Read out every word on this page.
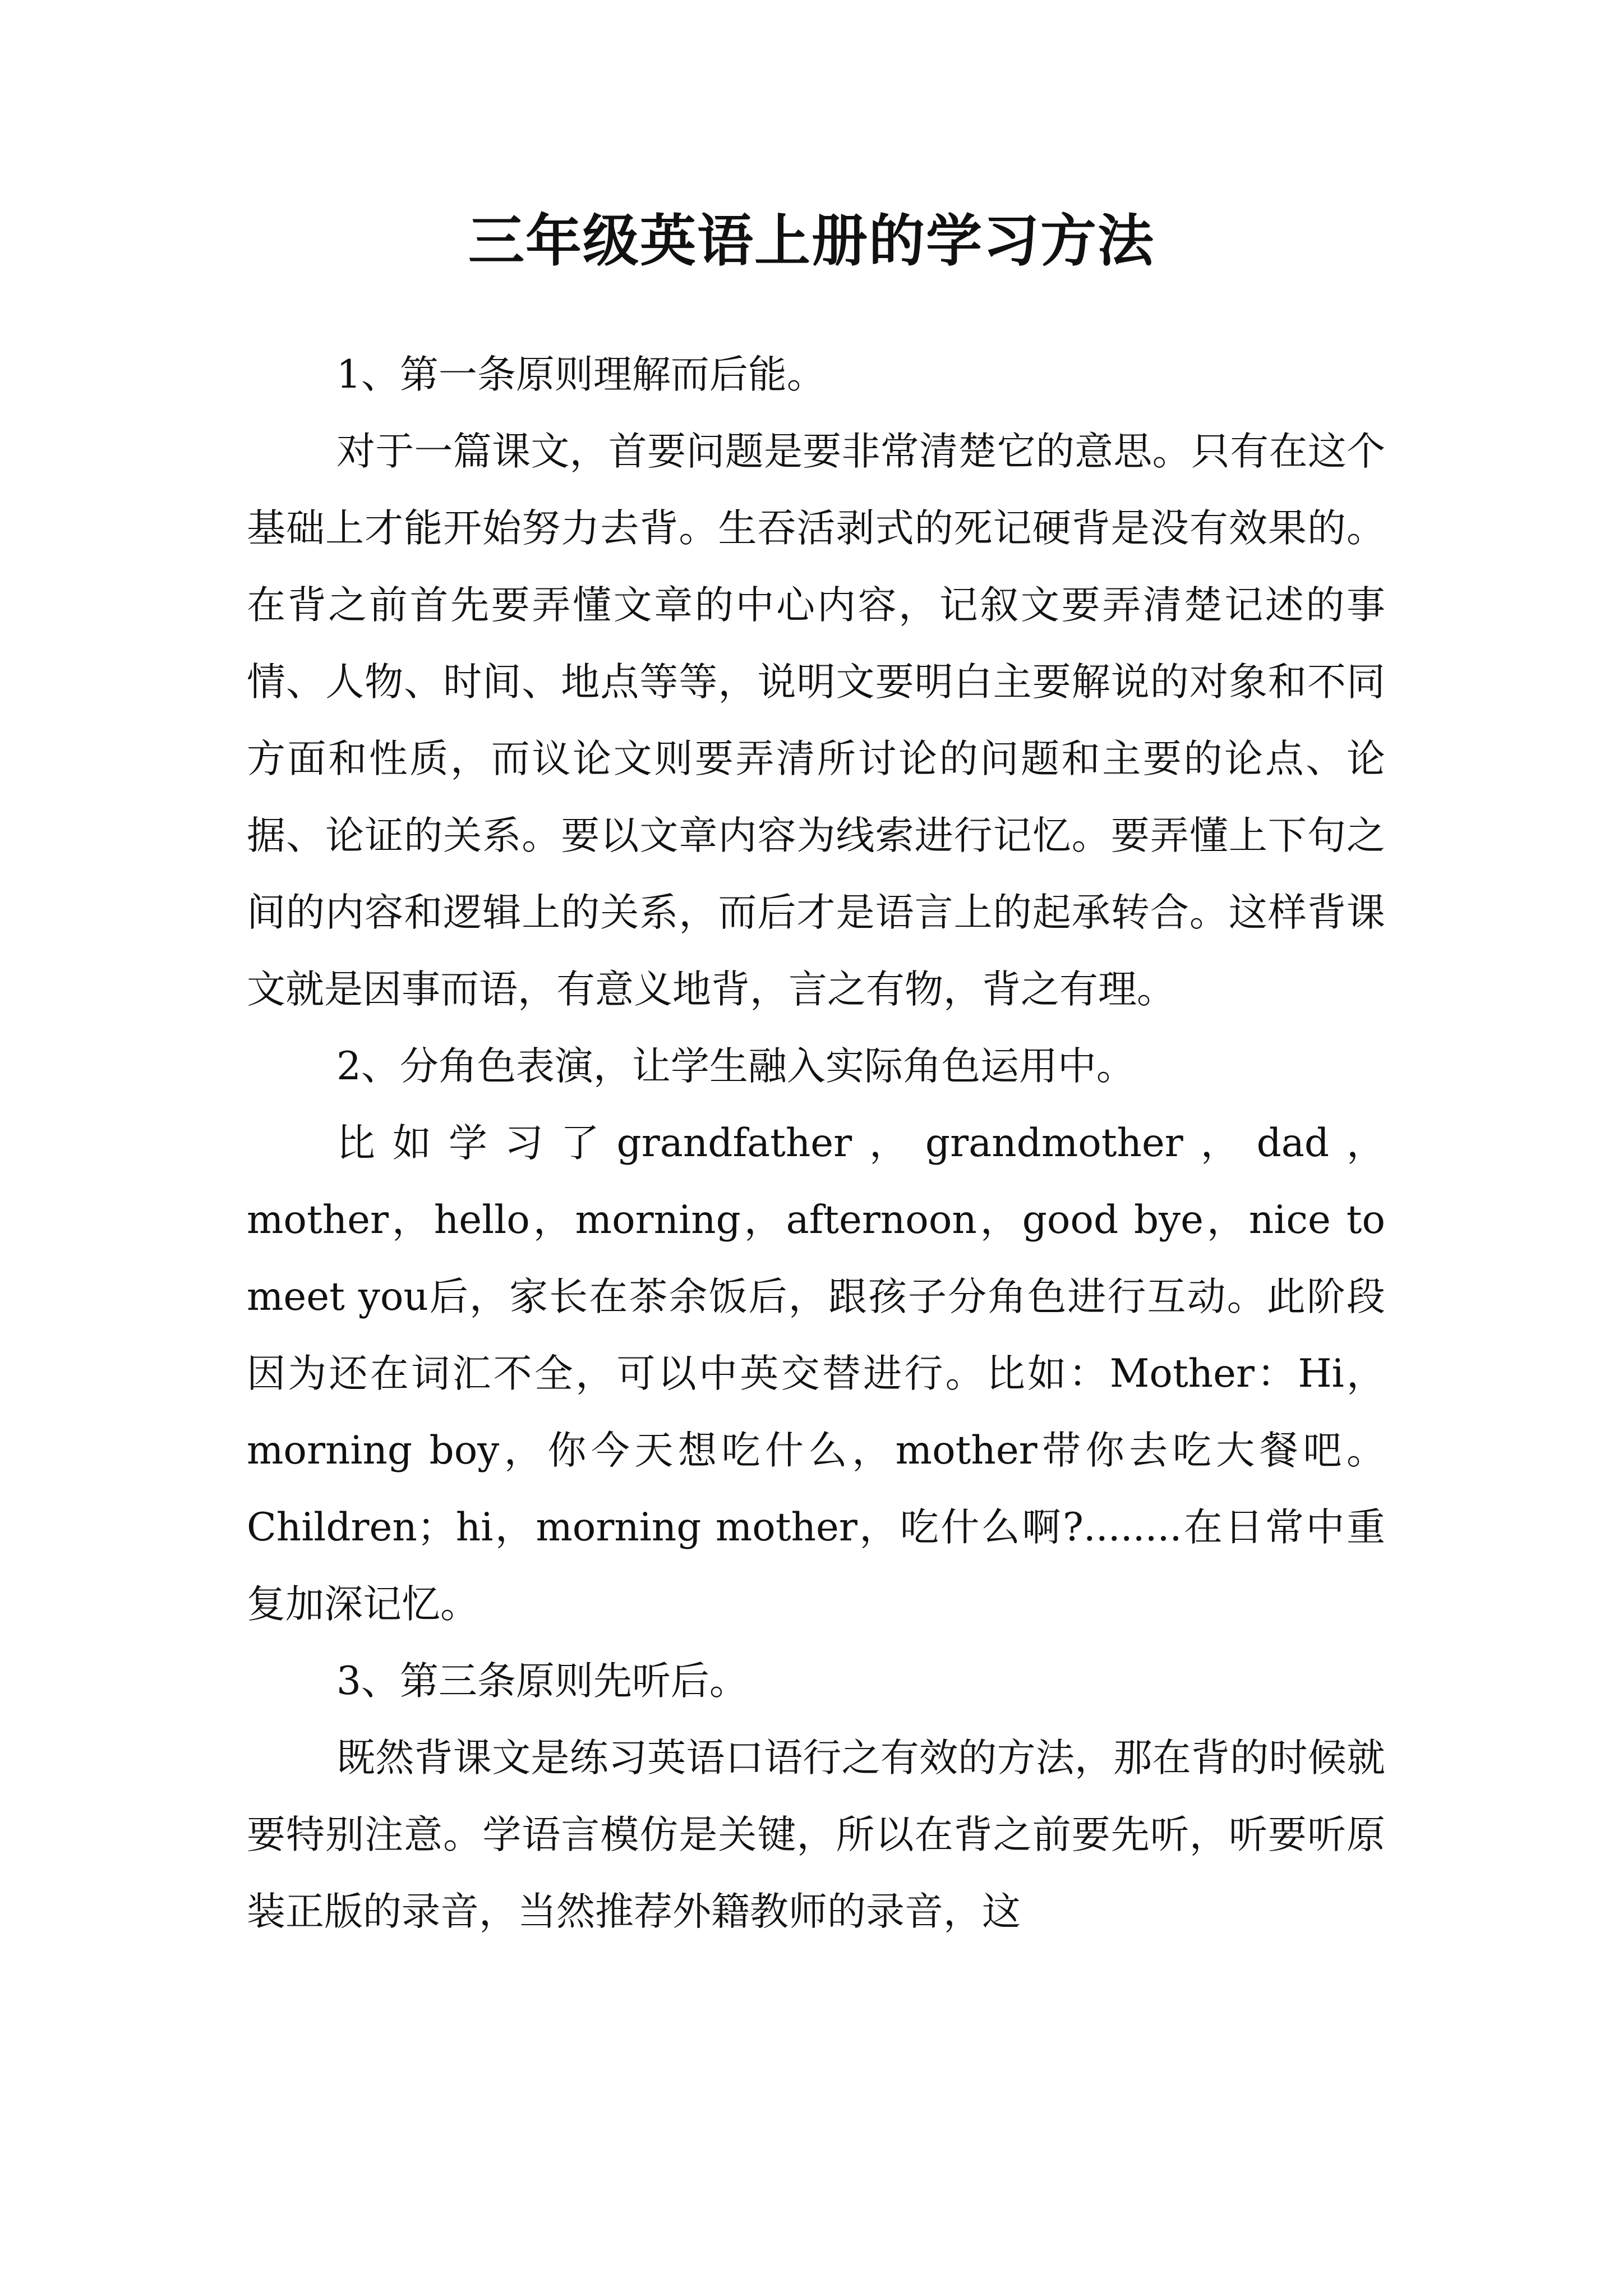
三年级英语上册的学习方法

1、第一条原则理解而后能。

对于一篇课文，首要问题是要非常清楚它的意思。只有在这个基础上才能开始努力去背。生吞活剥式的死记硬背是没有效果的。在背之前首先要弄懂文章的中心内容，记叙文要弄清楚记述的事情、人物、时间、地点等等，说明文要明白主要解说的对象和不同方面和性质，而议论文则要弄清所讨论的问题和主要的论点、论据、论证的关系。要以文章内容为线索进行记忆。要弄懂上下句之间的内容和逻辑上的关系，而后才是语言上的起承转合。这样背课文就是因事而语，有意义地背，言之有物，背之有理。

2、分角色表演，让学生融入实际角色运用中。

比如学习了grandfather，grandmother，dad，mother，hello，morning，afternoon，good bye，nice to meet you后，家长在茶余饭后，跟孩子分角色进行互动。此阶段因为还在词汇不全，可以中英交替进行。比如：Mother：Hi，morning boy，你今天想吃什么，mother带你去吃大餐吧。 Children；hi，morning mother，吃什么啊?........在日常中重复加深记忆。

3、第三条原则先听后。

既然背课文是练习英语口语行之有效的方法，那在背的时候就要特别注意。学语言模仿是关键，所以在背之前要先听，听要听原装正版的录音，当然推荐外籍教师的录音，这
